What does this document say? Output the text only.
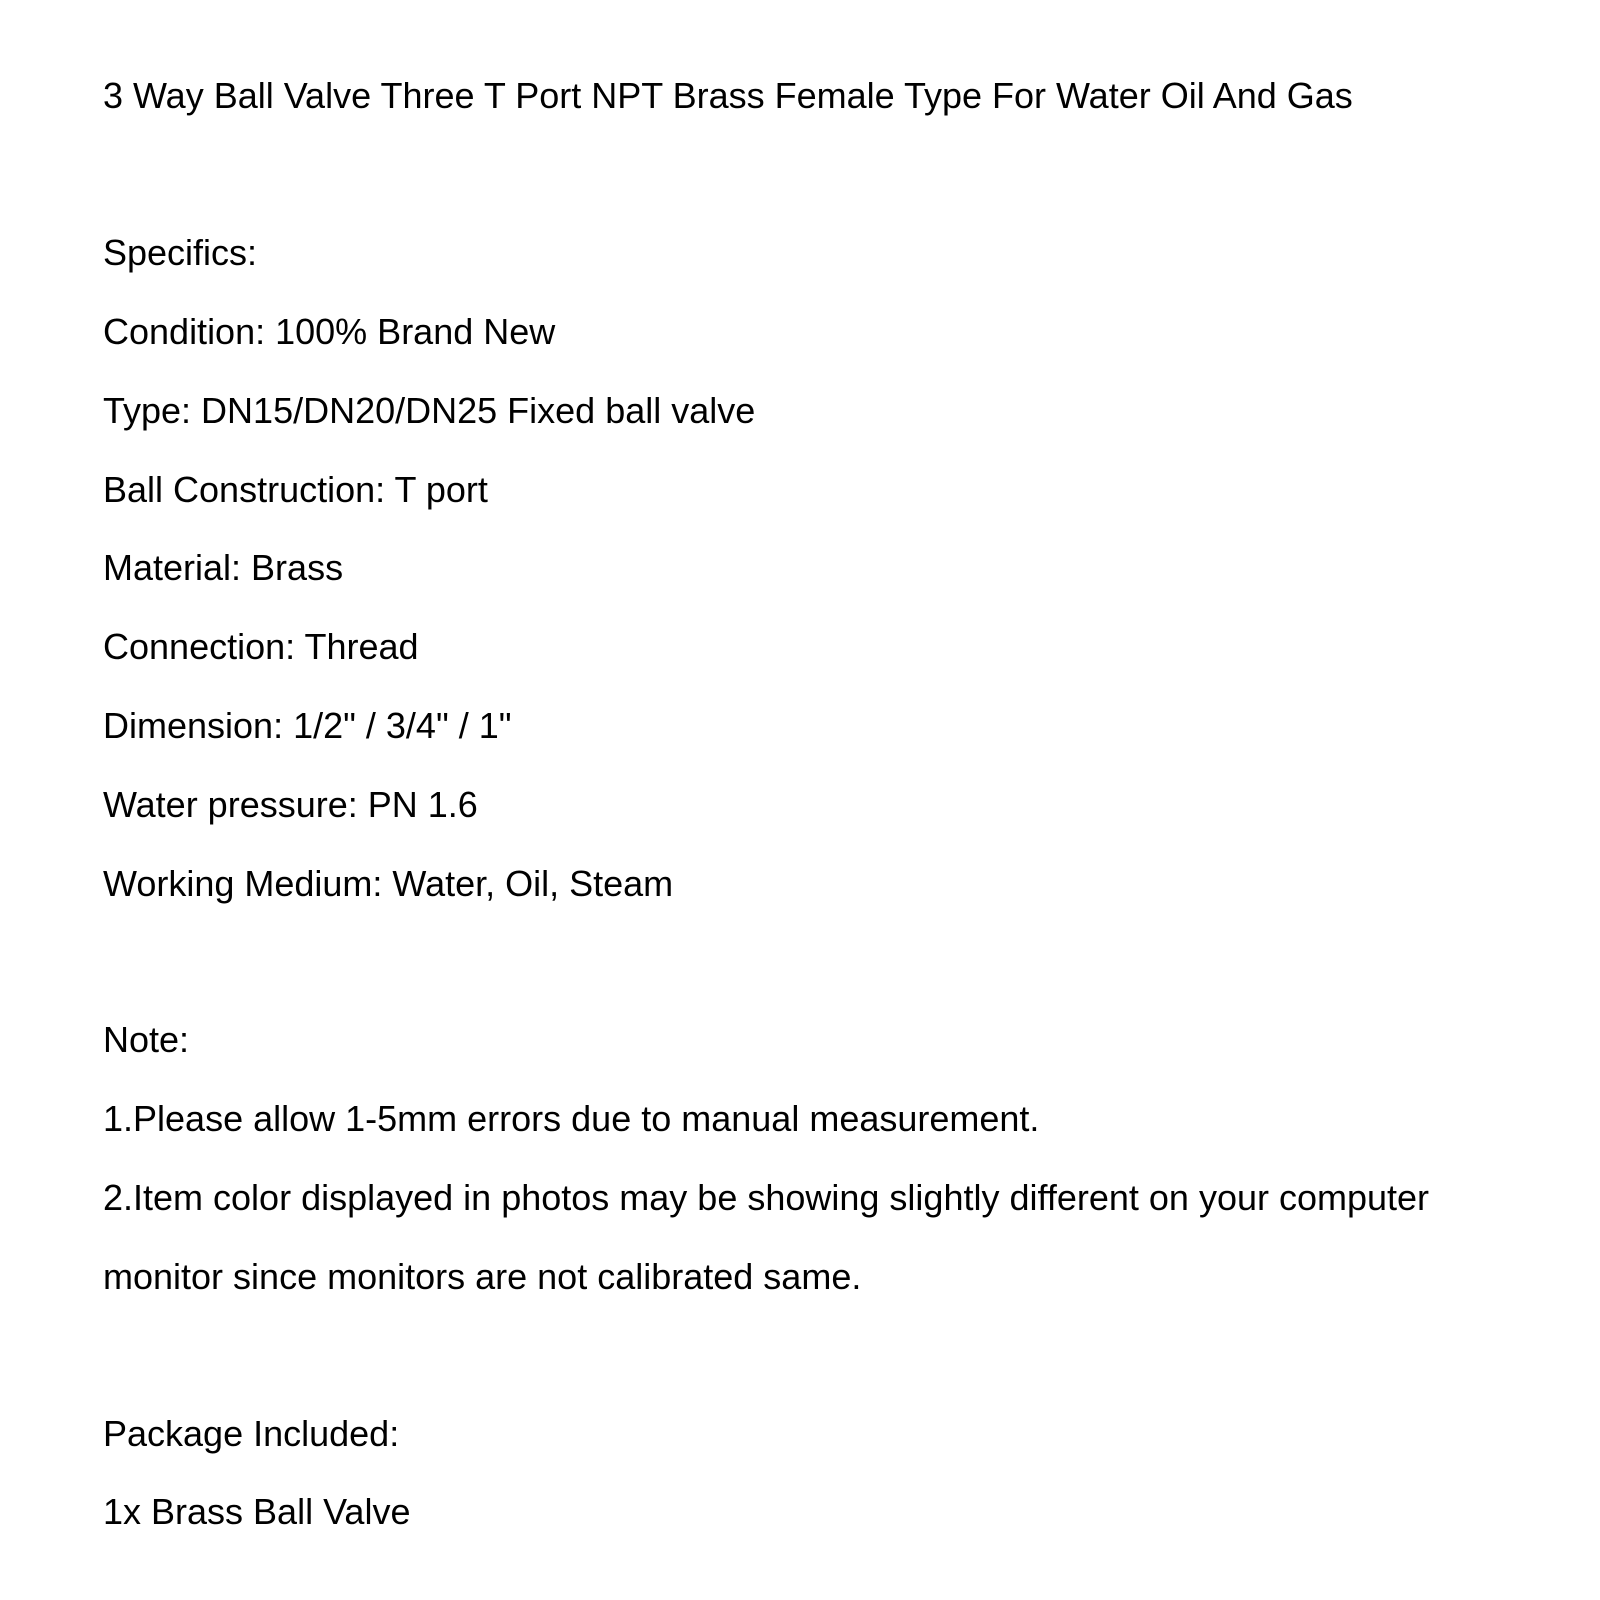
3 Way Ball Valve Three T Port NPT Brass Female Type For Water Oil And Gas
Specifics:
Condition: 100% Brand New
Type: DN15/DN20/DN25 Fixed ball valve
Ball Construction: T port
Material: Brass
Connection: Thread
Dimension: 1/2" / 3/4" / 1"
Water pressure: PN 1.6
Working Medium: Water, Oil, Steam
Note:
1.Please allow 1-5mm errors due to manual measurement.
2.Item color displayed in photos may be showing slightly different on your computer
monitor since monitors are not calibrated same.
Package Included:
1x Brass Ball Valve
